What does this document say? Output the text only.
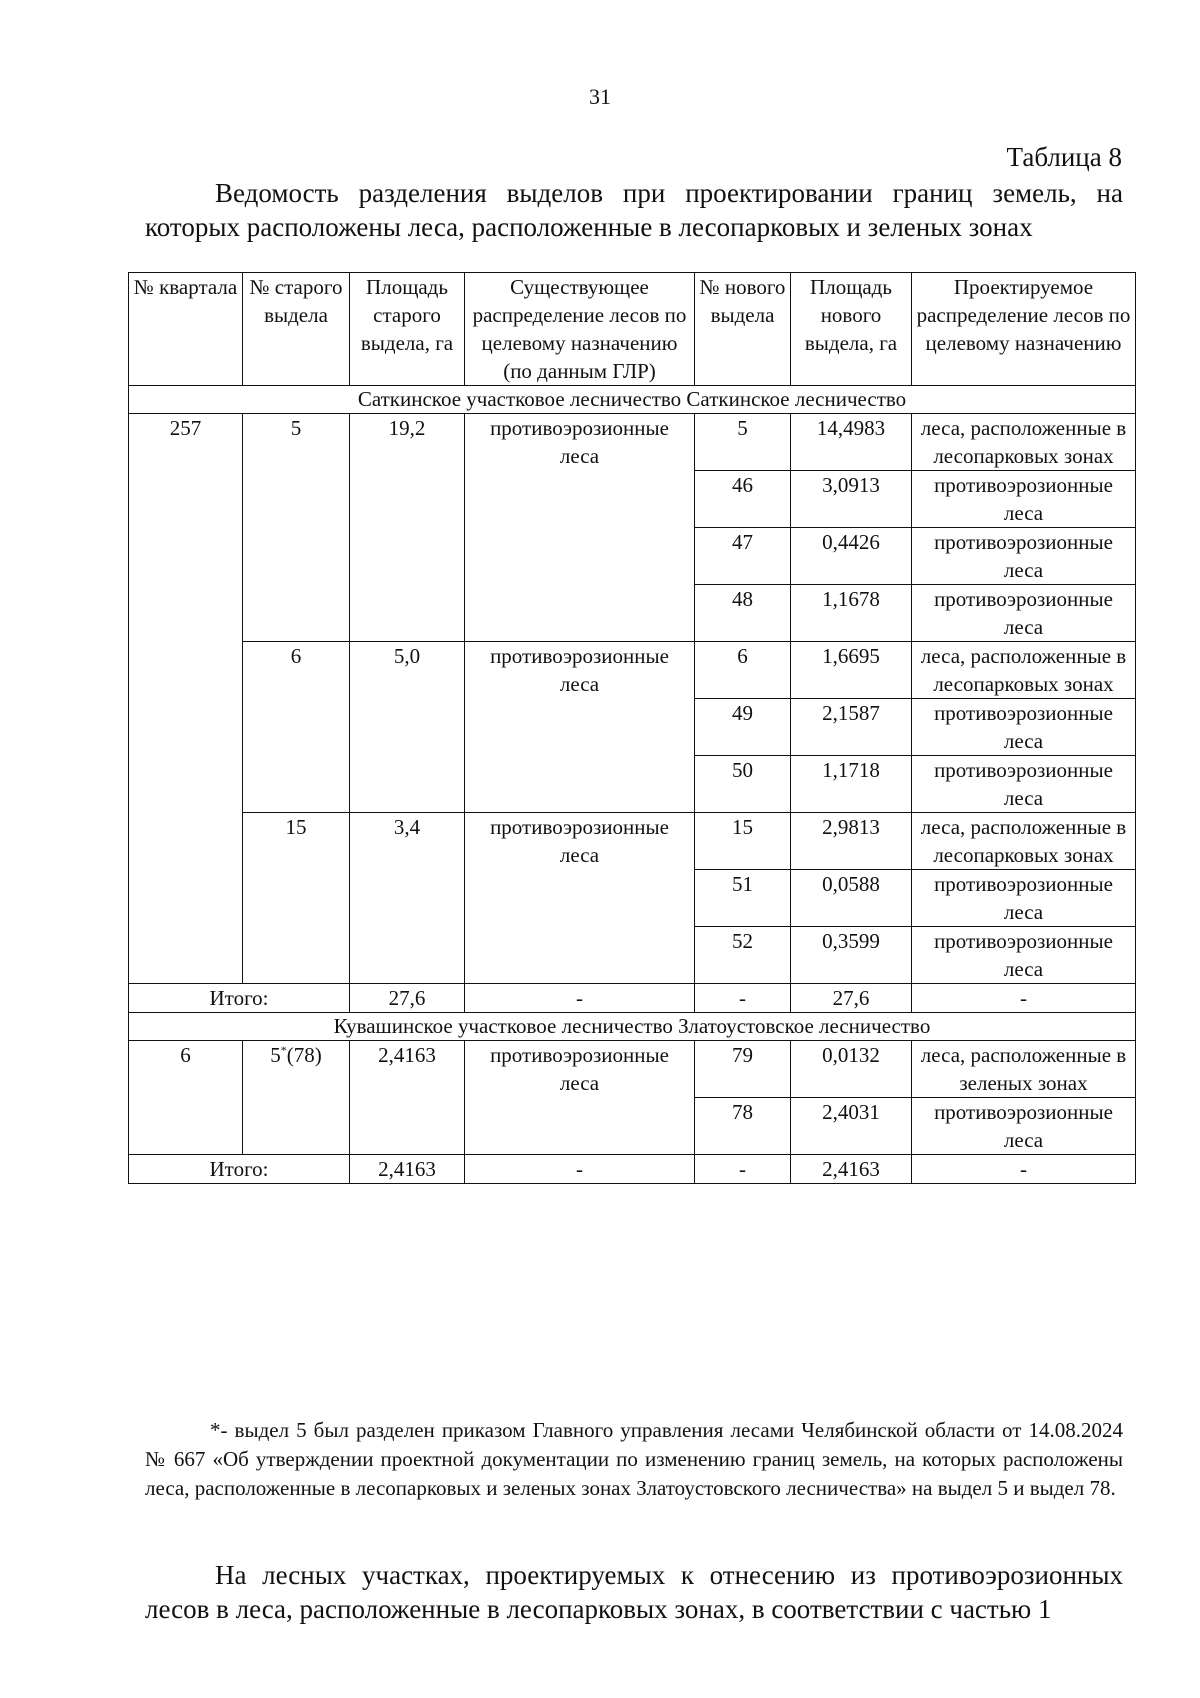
31
Таблица 8
Ведомость разделения выделов при проектировании границ земель, на которых расположены леса, расположенные в лесопарковых и зеленых зонах
№ квартала	№ старого выдела	Площадь старого выдела, га	Существующее распределение лесов по целевому назначению (по данным ГЛР)	№ нового выдела	Площадь нового выдела, га	Проектируемое распределение лесов по целевому назначению
Саткинское участковое лесничество Саткинское лесничество						
257	5	19,2	противоэрозионные леса	5	14,4983	леса, расположенные в лесопарковых зонах
				46	3,0913	противоэрозионные леса
				47	0,4426	противоэрозионные леса
				48	1,1678	противоэрозионные леса
	6	5,0	противоэрозионные леса	6	1,6695	леса, расположенные в лесопарковых зонах
				49	2,1587	противоэрозионные леса
				50	1,1718	противоэрозионные леса
	15	3,4	противоэрозионные леса	15	2,9813	леса, расположенные в лесопарковых зонах
				51	0,0588	противоэрозионные леса
				52	0,3599	противоэрозионные леса
Итого:		27,6	-	-	27,6	-
Кувашинское участковое лесничество Златоустовское лесничество						
6	5*(78)	2,4163	противоэрозионные леса	79	0,0132	леса, расположенные в зеленых зонах
				78	2,4031	противоэрозионные леса
Итого:		2,4163	-	-	2,4163	-
*- выдел 5 был разделен приказом Главного управления лесами Челябинской области от 14.08.2024 № 667 «Об утверждении проектной документации по изменению границ земель, на которых расположены леса, расположенные в лесопарковых и зеленых зонах Златоустовского лесничества» на выдел 5 и выдел 78.
На лесных участках, проектируемых к отнесению из противоэрозионных лесов в леса, расположенные в лесопарковых зонах, в соответствии с частью 1
